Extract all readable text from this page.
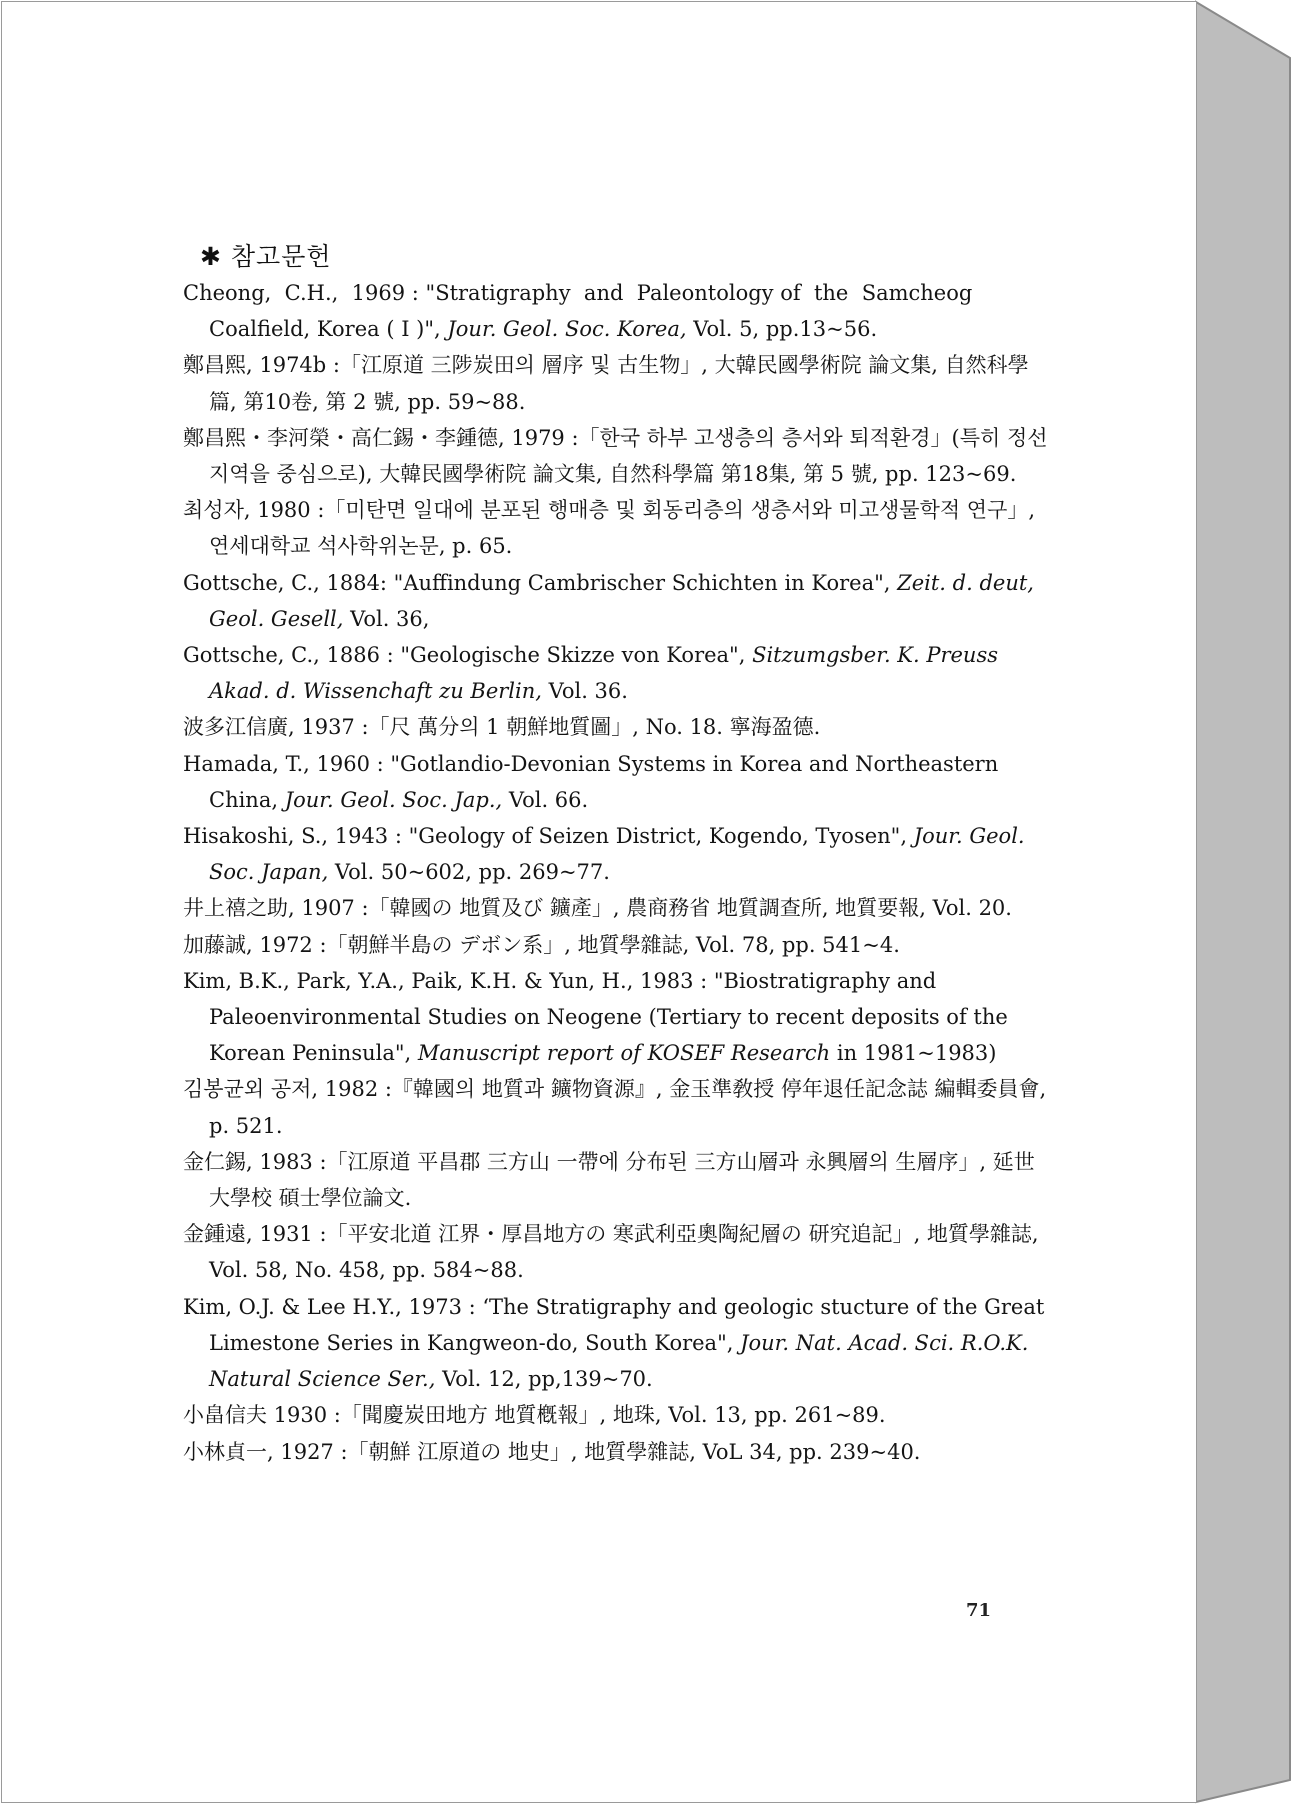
✱ 참고문헌
Cheong,  C.H.,  1969 : "Stratigraphy  and  Paleontology of  the  Samcheog Coalfield, Korea ( I )", Jour. Geol. Soc. Korea, Vol. 5, pp.13~56.
鄭昌熙, 1974b :「江原道 三陟炭田의 層序 및 古生物」, 大韓民國學術院 論文集, 自然科學篇, 第10卷, 第 2 號, pp. 59~88.
鄭昌熙・李河榮・高仁錫・李鍾德, 1979 :「한국 하부 고생층의 층서와 퇴적환경」(특히 정선지역을 중심으로), 大韓民國學術院 論文集, 自然科學篇 第18集, 第 5 號, pp. 123~69.
최성자, 1980 :「미탄면 일대에 분포된 행매층 및 회동리층의 생층서와 미고생물학적 연구」, 연세대학교 석사학위논문, p. 65.
Gottsche, C., 1884: "Auffindung Cambrischer Schichten in Korea", Zeit. d. deut, Geol. Gesell, Vol. 36,
Gottsche, C., 1886 : "Geologische Skizze von Korea", Sitzumgsber. K. Preuss Akad. d. Wissenchaft zu Berlin, Vol. 36.
波多江信廣, 1937 :「尺 萬分의 1 朝鮮地質圖」, No. 18. 寧海盈德.
Hamada, T., 1960 : "Gotlandio-Devonian Systems in Korea and Northeastern China, Jour. Geol. Soc. Jap., Vol. 66.
Hisakoshi, S., 1943 : "Geology of Seizen District, Kogendo, Tyosen", Jour. Geol. Soc. Japan, Vol. 50~602, pp. 269~77.
井上禧之助, 1907 :「韓國の 地質及び 鑛產」, 農商務省 地質調查所, 地質要報, Vol. 20.
加藤誠, 1972 :「朝鮮半島の デボン系」, 地質學雜誌, Vol. 78, pp. 541~4.
Kim, B.K., Park, Y.A., Paik, K.H. & Yun, H., 1983 : "Biostratigraphy and Paleoenvironmental Studies on Neogene (Tertiary to recent deposits of the Korean Peninsula", Manuscript report of KOSEF Research in 1981~1983)
김봉균외 공저, 1982 :『韓國의 地質과 鑛物資源』, 金玉準敎授 停年退任記念誌 編輯委員會, p. 521.
金仁錫, 1983 :「江原道 平昌郡 三方山 一帶에 分布된 三方山層과 永興層의 生層序」, 延世大學校 碩士學位論文.
金鍾遠, 1931 :「平安北道 江界・厚昌地方の 寒武利亞奧陶紀層の 研究追記」, 地質學雜誌, Vol. 58, No. 458, pp. 584~88.
Kim, O.J. & Lee H.Y., 1973 : ‘The Stratigraphy and geologic stucture of the Great Limestone Series in Kangweon-do, South Korea", Jour. Nat. Acad. Sci. R.O.K. Natural Science Ser., Vol. 12, pp,139~70.
小畠信夫 1930 :「聞慶炭田地方 地質槪報」, 地珠, Vol. 13, pp. 261~89.
小林貞一, 1927 :「朝鮮 江原道の 地史」, 地質學雜誌, VoL 34, pp. 239~40.
71
